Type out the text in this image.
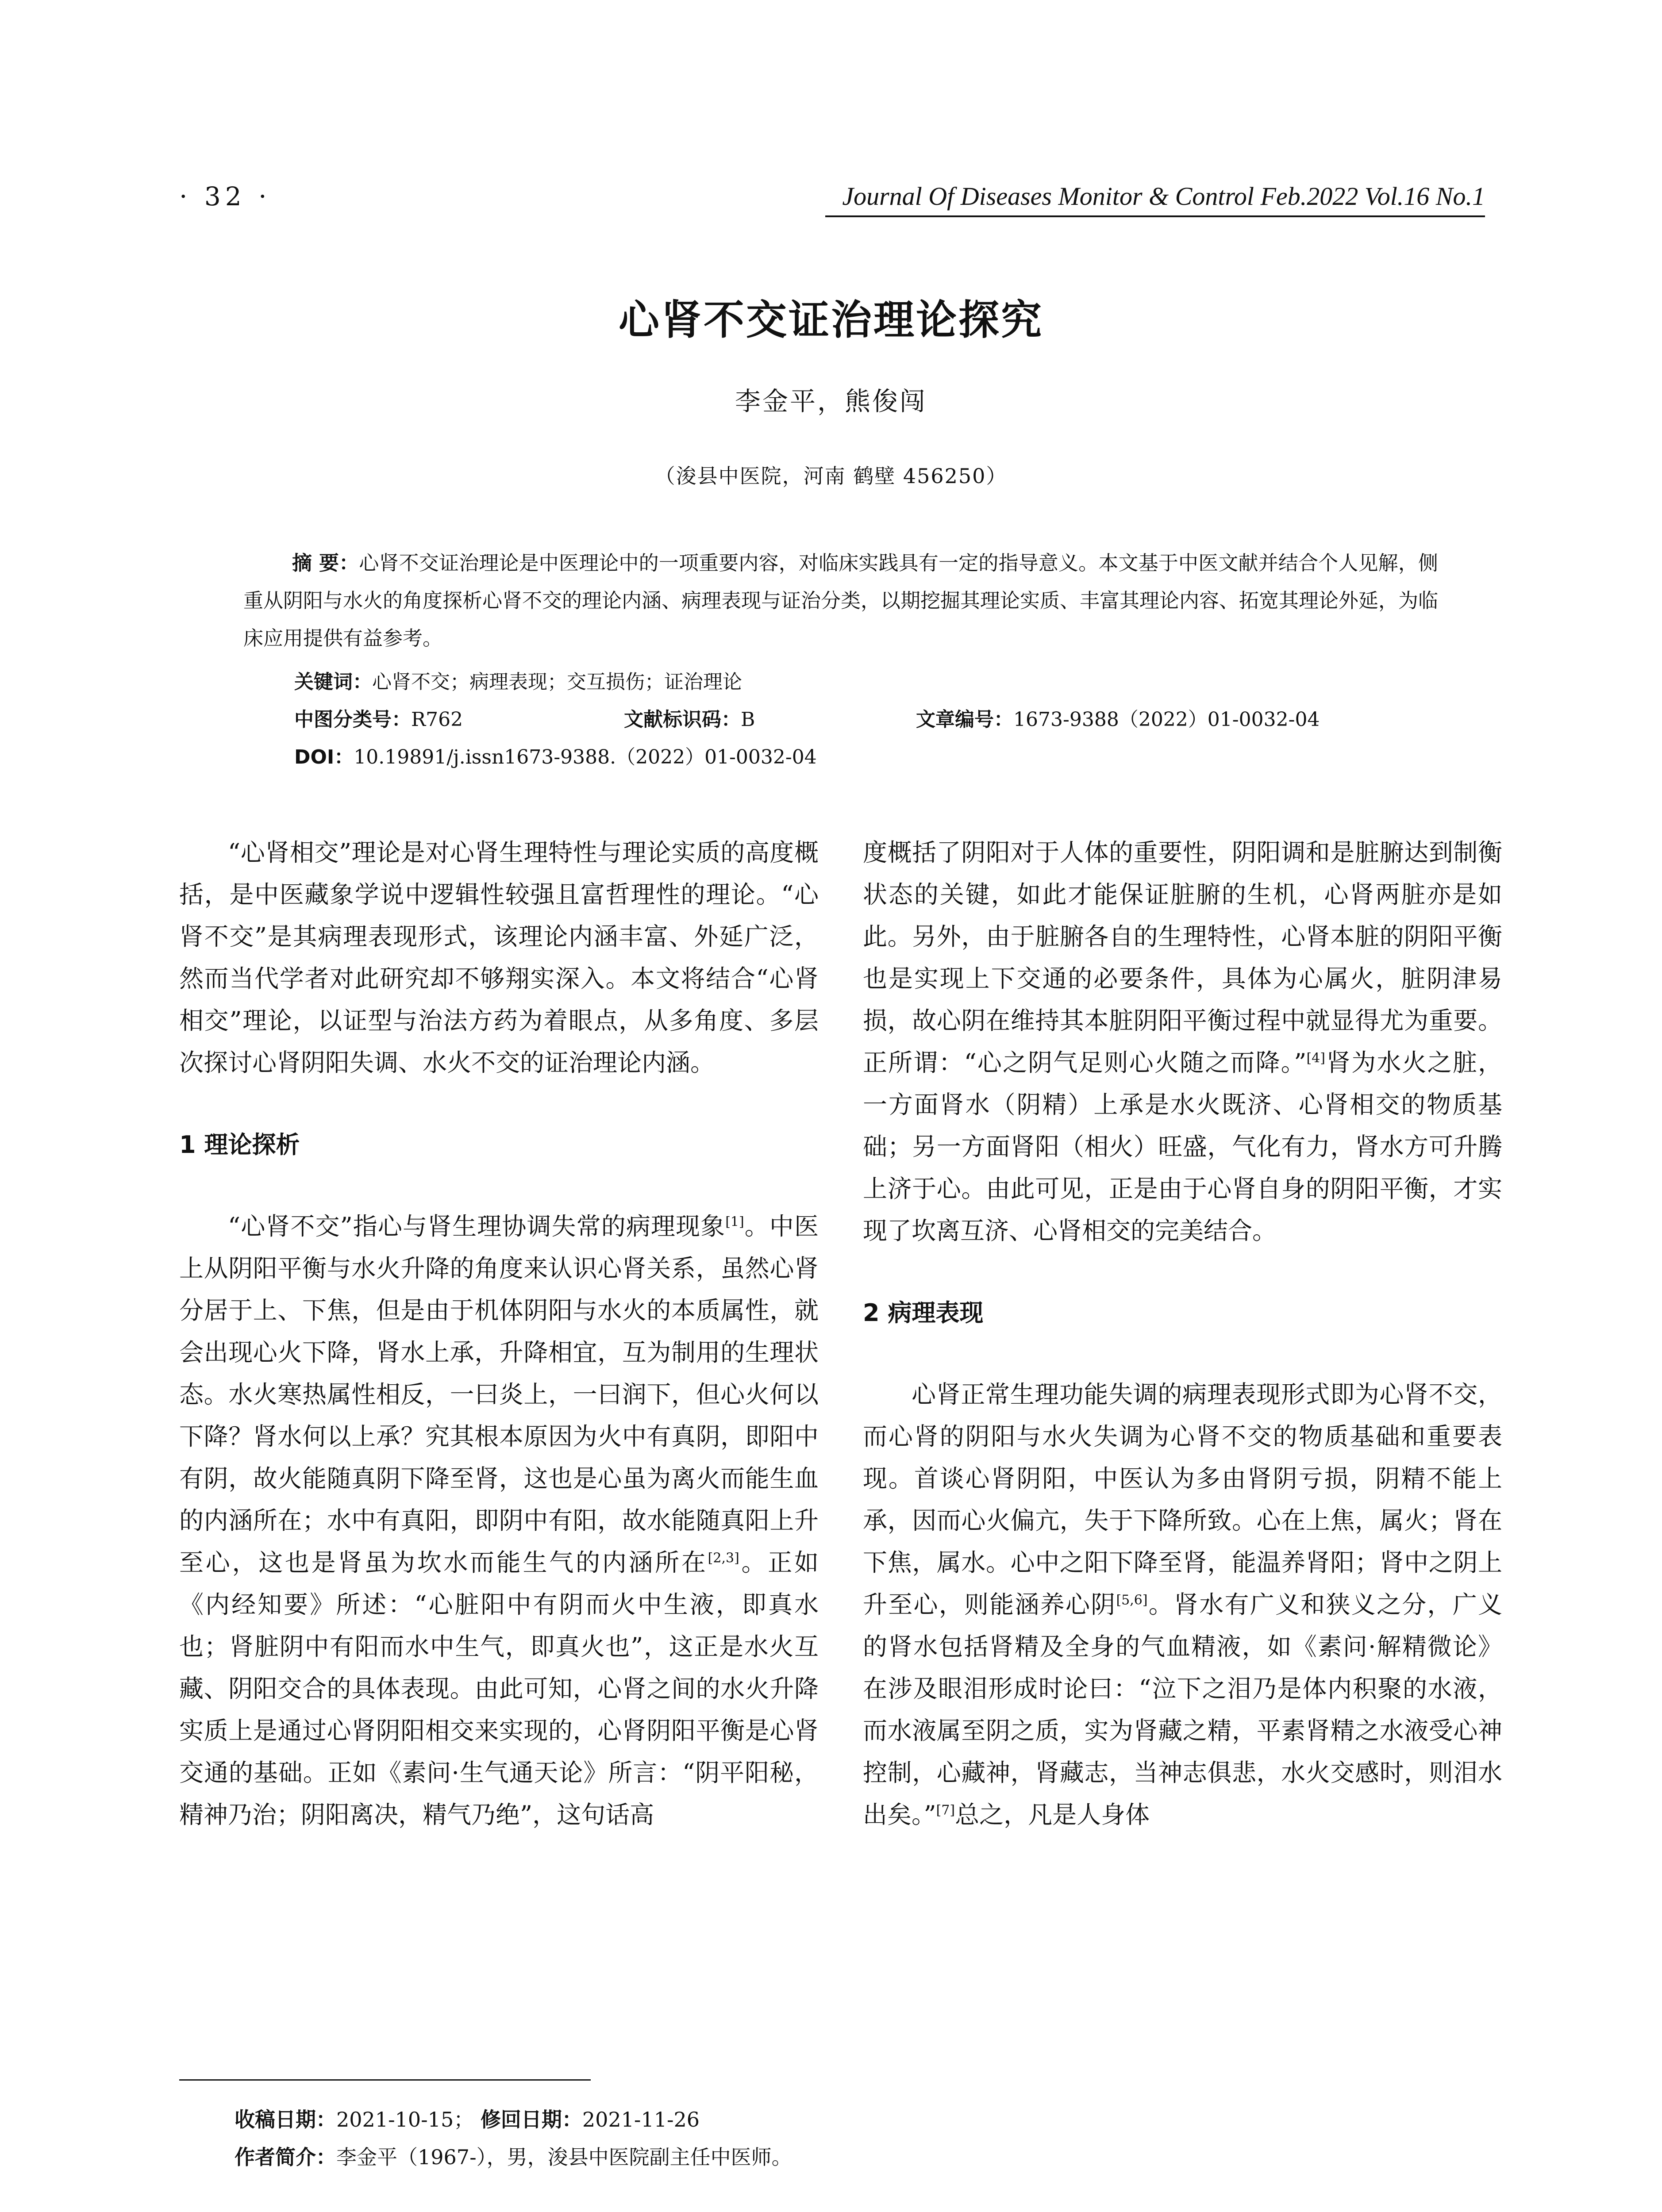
· 32 ·	Journal Of Diseases Monitor & Control Feb.2022 Vol.16 No.1
心肾不交证治理论探究
李金平，熊俊闯
（浚县中医院，河南 鹤壁 456250）

摘 要：心肾不交证治理论是中医理论中的一项重要内容，对临床实践具有一定的指导意义。本文基于中医文献并结合个人见解，侧重从阴阳与水火的角度探析心肾不交的理论内涵、病理表现与证治分类，以期挖掘其理论实质、丰富其理论内容、拓宽其理论外延，为临床应用提供有益参考。

关键词：心肾不交；病理表现；交互损伤；证治理论
中图分类号：R762	文献标识码：B	文章编号：1673-9388（2022）01-0032-04
DOI：10.19891/j.issn1673-9388.（2022）01-0032-04

“心肾相交”理论是对心肾生理特性与理论实质的高度概括，是中医藏象学说中逻辑性较强且富哲理性的理论。“心肾不交”是其病理表现形式，该理论内涵丰富、外延广泛，然而当代学者对此研究却不够翔实深入。本文将结合“心肾相交”理论，以证型与治法方药为着眼点，从多角度、多层次探讨心肾阴阳失调、水火不交的证治理论内涵。

1 理论探析

“心肾不交”指心与肾生理协调失常的病理现象[1]。中医上从阴阳平衡与水火升降的角度来认识心肾关系，虽然心肾分居于上、下焦，但是由于机体阴阳与水火的本质属性，就会出现心火下降，肾水上承，升降相宜，互为制用的生理状态。水火寒热属性相反，一曰炎上，一曰润下，但心火何以下降？肾水何以上承？究其根本原因为火中有真阴，即阳中有阴，故火能随真阴下降至肾，这也是心虽为离火而能生血的内涵所在；水中有真阳，即阴中有阳，故水能随真阳上升至心，这也是肾虽为坎水而能生气的内涵所在[2,3]。正如《内经知要》所述：“心脏阳中有阴而火中生液，即真水也；肾脏阴中有阳而水中生气，即真火也”，这正是水火互藏、阴阳交合的具体表现。由此可知，心肾之间的水火升降实质上是通过心肾阴阳相交来实现的，心肾阴阳平衡是心肾交通的基础。正如《素问·生气通天论》所言：“阴平阳秘，精神乃治；阴阳离决，精气乃绝”，这句话高

度概括了阴阳对于人体的重要性，阴阳调和是脏腑达到制衡状态的关键，如此才能保证脏腑的生机，心肾两脏亦是如此。另外，由于脏腑各自的生理特性，心肾本脏的阴阳平衡也是实现上下交通的必要条件，具体为心属火，脏阴津易损，故心阴在维持其本脏阴阳平衡过程中就显得尤为重要。正所谓：“心之阴气足则心火随之而降。”[4]肾为水火之脏，一方面肾水（阴精）上承是水火既济、心肾相交的物质基础；另一方面肾阳（相火）旺盛，气化有力，肾水方可升腾上济于心。由此可见，正是由于心肾自身的阴阳平衡，才实现了坎离互济、心肾相交的完美结合。

2 病理表现

心肾正常生理功能失调的病理表现形式即为心肾不交，而心肾的阴阳与水火失调为心肾不交的物质基础和重要表现。首谈心肾阴阳，中医认为多由肾阴亏损，阴精不能上承，因而心火偏亢，失于下降所致。心在上焦，属火；肾在下焦，属水。心中之阳下降至肾，能温养肾阳；肾中之阴上升至心，则能涵养心阴[5,6]。肾水有广义和狭义之分，广义的肾水包括肾精及全身的气血精液，如《素问·解精微论》在涉及眼泪形成时论曰：“泣下之泪乃是体内积聚的水液，而水液属至阴之质，实为肾藏之精，平素肾精之水液受心神控制，心藏神，肾藏志，当神志俱悲，水火交感时，则泪水出矣。”[7]总之，凡是人身体

收稿日期：2021-10-15； 修回日期：2021-11-26
作者简介：李金平（1967-），男，浚县中医院副主任中医师。
